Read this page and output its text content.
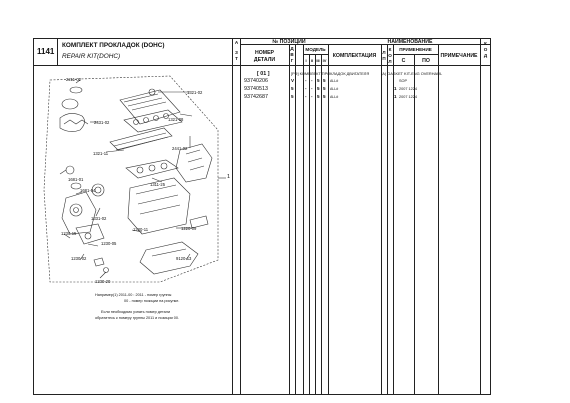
1141
КОМПЛЕКТ ПРОКЛАДОК (DOHC)
REPAIR KIT(DOHC)
А
З
Т
№ ПОЗИЦИИ	НАИМЕНОВАНИЕ
НОМЕР
ДЕТАЛИ
Д
В
Г
МОДЕЛЬ
I	II III IV
КОМПЛЕКТАЦИЯ
Л
П
К
О
Л
ПРИМЕНЕНИЕ
С	ПО
ПРИМЕЧАНИЕ
К
О
Д
2211-02
1321-02
2431-02
1321-08
1321-11
2441-02
1681-01
1311-25
1681-04
1331-02
1230-11	1220-09
1230-15
1230-05
1230-02	9120-13
1230-20
1
Например(1) 2011-00 : 2011 - номер группы
00 - номер позиции на рисунке.
Если необходимо узнать номер детали
обратитесь к номеру группы 2011 и позиции 00.
[ 01 ]	[РЭ] КОМПЛЕКТ ПРОКЛАДОК ДВИГАТЕЛЯ	(A) GASKET KIT-ENG OVERHAUL
93740206	V - - 5 5 ALL#	SOP
93740513	5 - - 5 5 ALL#	1 2007 1224
93742687	5 - - 5 5 ALL#	1 2007 1224
